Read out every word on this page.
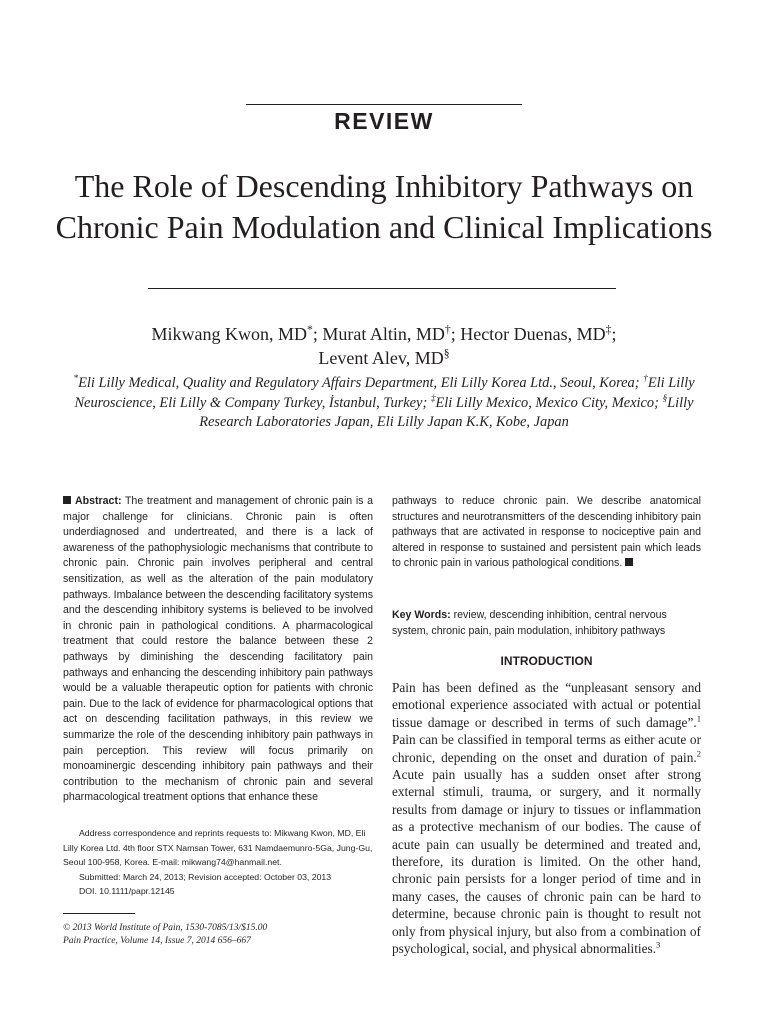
REVIEW
The Role of Descending Inhibitory Pathways on Chronic Pain Modulation and Clinical Implications
Mikwang Kwon, MD*; Murat Altin, MD†; Hector Duenas, MD‡;
Levent Alev, MD§
*Eli Lilly Medical, Quality and Regulatory Affairs Department, Eli Lilly Korea Ltd., Seoul, Korea; †Eli Lilly Neuroscience, Eli Lilly & Company Turkey, İstanbul, Turkey; ‡Eli Lilly Mexico, Mexico City, Mexico; §Lilly Research Laboratories Japan, Eli Lilly Japan K.K, Kobe, Japan
Abstract: The treatment and management of chronic pain is a major challenge for clinicians. Chronic pain is often underdiagnosed and undertreated, and there is a lack of awareness of the pathophysiologic mechanisms that contribute to chronic pain. Chronic pain involves peripheral and central sensitization, as well as the alteration of the pain modulatory pathways. Imbalance between the descending facilitatory systems and the descending inhibitory systems is believed to be involved in chronic pain in pathological conditions. A pharmacological treatment that could restore the balance between these 2 pathways by diminishing the descending facilitatory pain pathways and enhancing the descending inhibitory pain pathways would be a valuable therapeutic option for patients with chronic pain. Due to the lack of evidence for pharmacological options that act on descending facilitation pathways, in this review we summarize the role of the descending inhibitory pain pathways in pain perception. This review will focus primarily on monoaminergic descending inhibitory pain pathways and their contribution to the mechanism of chronic pain and several pharmacological treatment options that enhance these
pathways to reduce chronic pain. We describe anatomical structures and neurotransmitters of the descending inhibitory pain pathways that are activated in response to nociceptive pain and altered in response to sustained and persistent pain which leads to chronic pain in various pathological conditions.
Key Words: review, descending inhibition, central nervous system, chronic pain, pain modulation, inhibitory pathways
INTRODUCTION
Pain has been defined as the “unpleasant sensory and emotional experience associated with actual or potential tissue damage or described in terms of such damage”.$^1$ Pain can be classified in temporal terms as either acute or chronic, depending on the onset and duration of pain.$^2$ Acute pain usually has a sudden onset after strong external stimuli, trauma, or surgery, and it normally results from damage or injury to tissues or inflammation as a protective mechanism of our bodies. The cause of acute pain can usually be determined and treated and, therefore, its duration is limited. On the other hand, chronic pain persists for a longer period of time and in many cases, the causes of chronic pain can be hard to determine, because chronic pain is thought to result not only from physical injury, but also from a combination of psychological, social, and physical abnormalities.$^3$

Address correspondence and reprints requests to: Mikwang Kwon, MD, Eli Lilly Korea Ltd. 4th floor STX Namsan Tower, 631 Namdaemunro-5Ga, Jung-Gu, Seoul 100-958, Korea. E-mail: mikwang74@hanmail.net.

Submitted: March 24, 2013; Revision accepted: October 03, 2013

DOI. 10.1111/papr.12145

© 2013 World Institute of Pain, 1530-7085/13/$15.00
Pain Practice, Volume 14, Issue 7, 2014 656–667
